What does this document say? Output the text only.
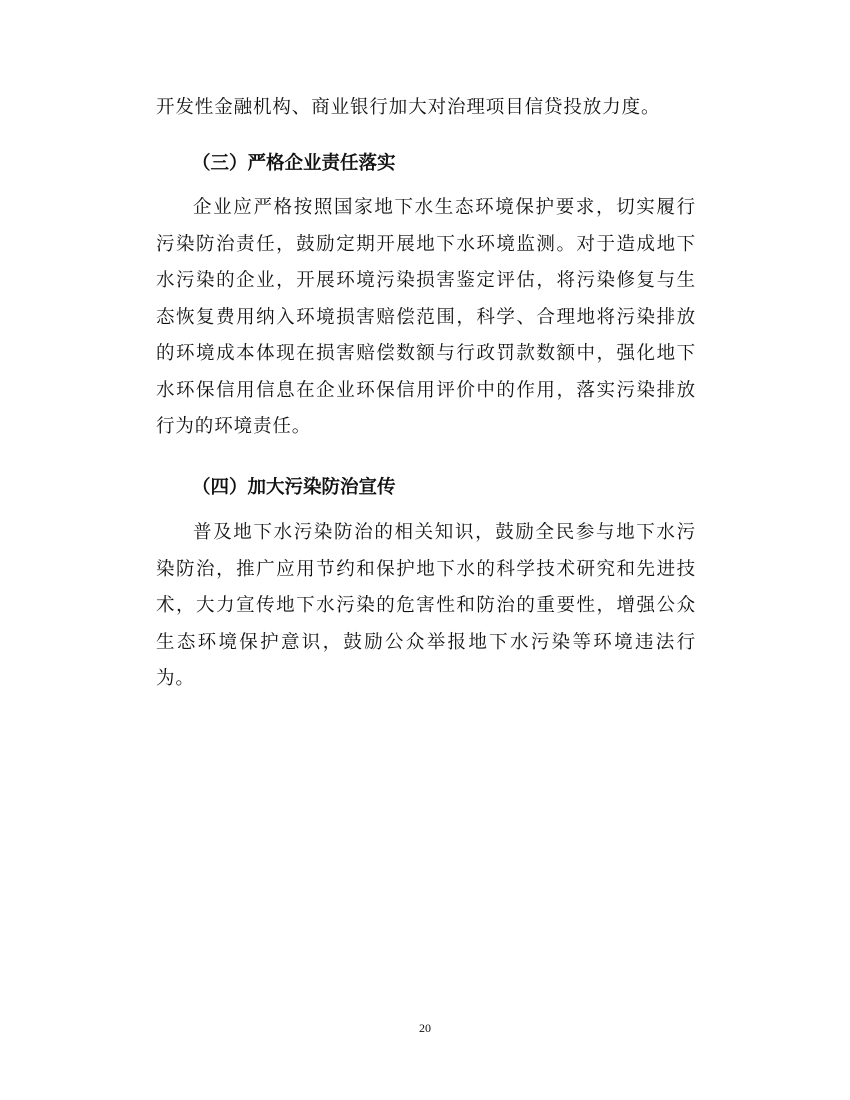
开发性金融机构、商业银行加大对治理项目信贷投放力度。

（三）严格企业责任落实

企业应严格按照国家地下水生态环境保护要求，切实履行污染防治责任，鼓励定期开展地下水环境监测。对于造成地下水污染的企业，开展环境污染损害鉴定评估，将污染修复与生态恢复费用纳入环境损害赔偿范围，科学、合理地将污染排放的环境成本体现在损害赔偿数额与行政罚款数额中，强化地下水环保信用信息在企业环保信用评价中的作用，落实污染排放行为的环境责任。

（四）加大污染防治宣传

普及地下水污染防治的相关知识，鼓励全民参与地下水污染防治，推广应用节约和保护地下水的科学技术研究和先进技术，大力宣传地下水污染的危害性和防治的重要性，增强公众生态环境保护意识，鼓励公众举报地下水污染等环境违法行为。

20
